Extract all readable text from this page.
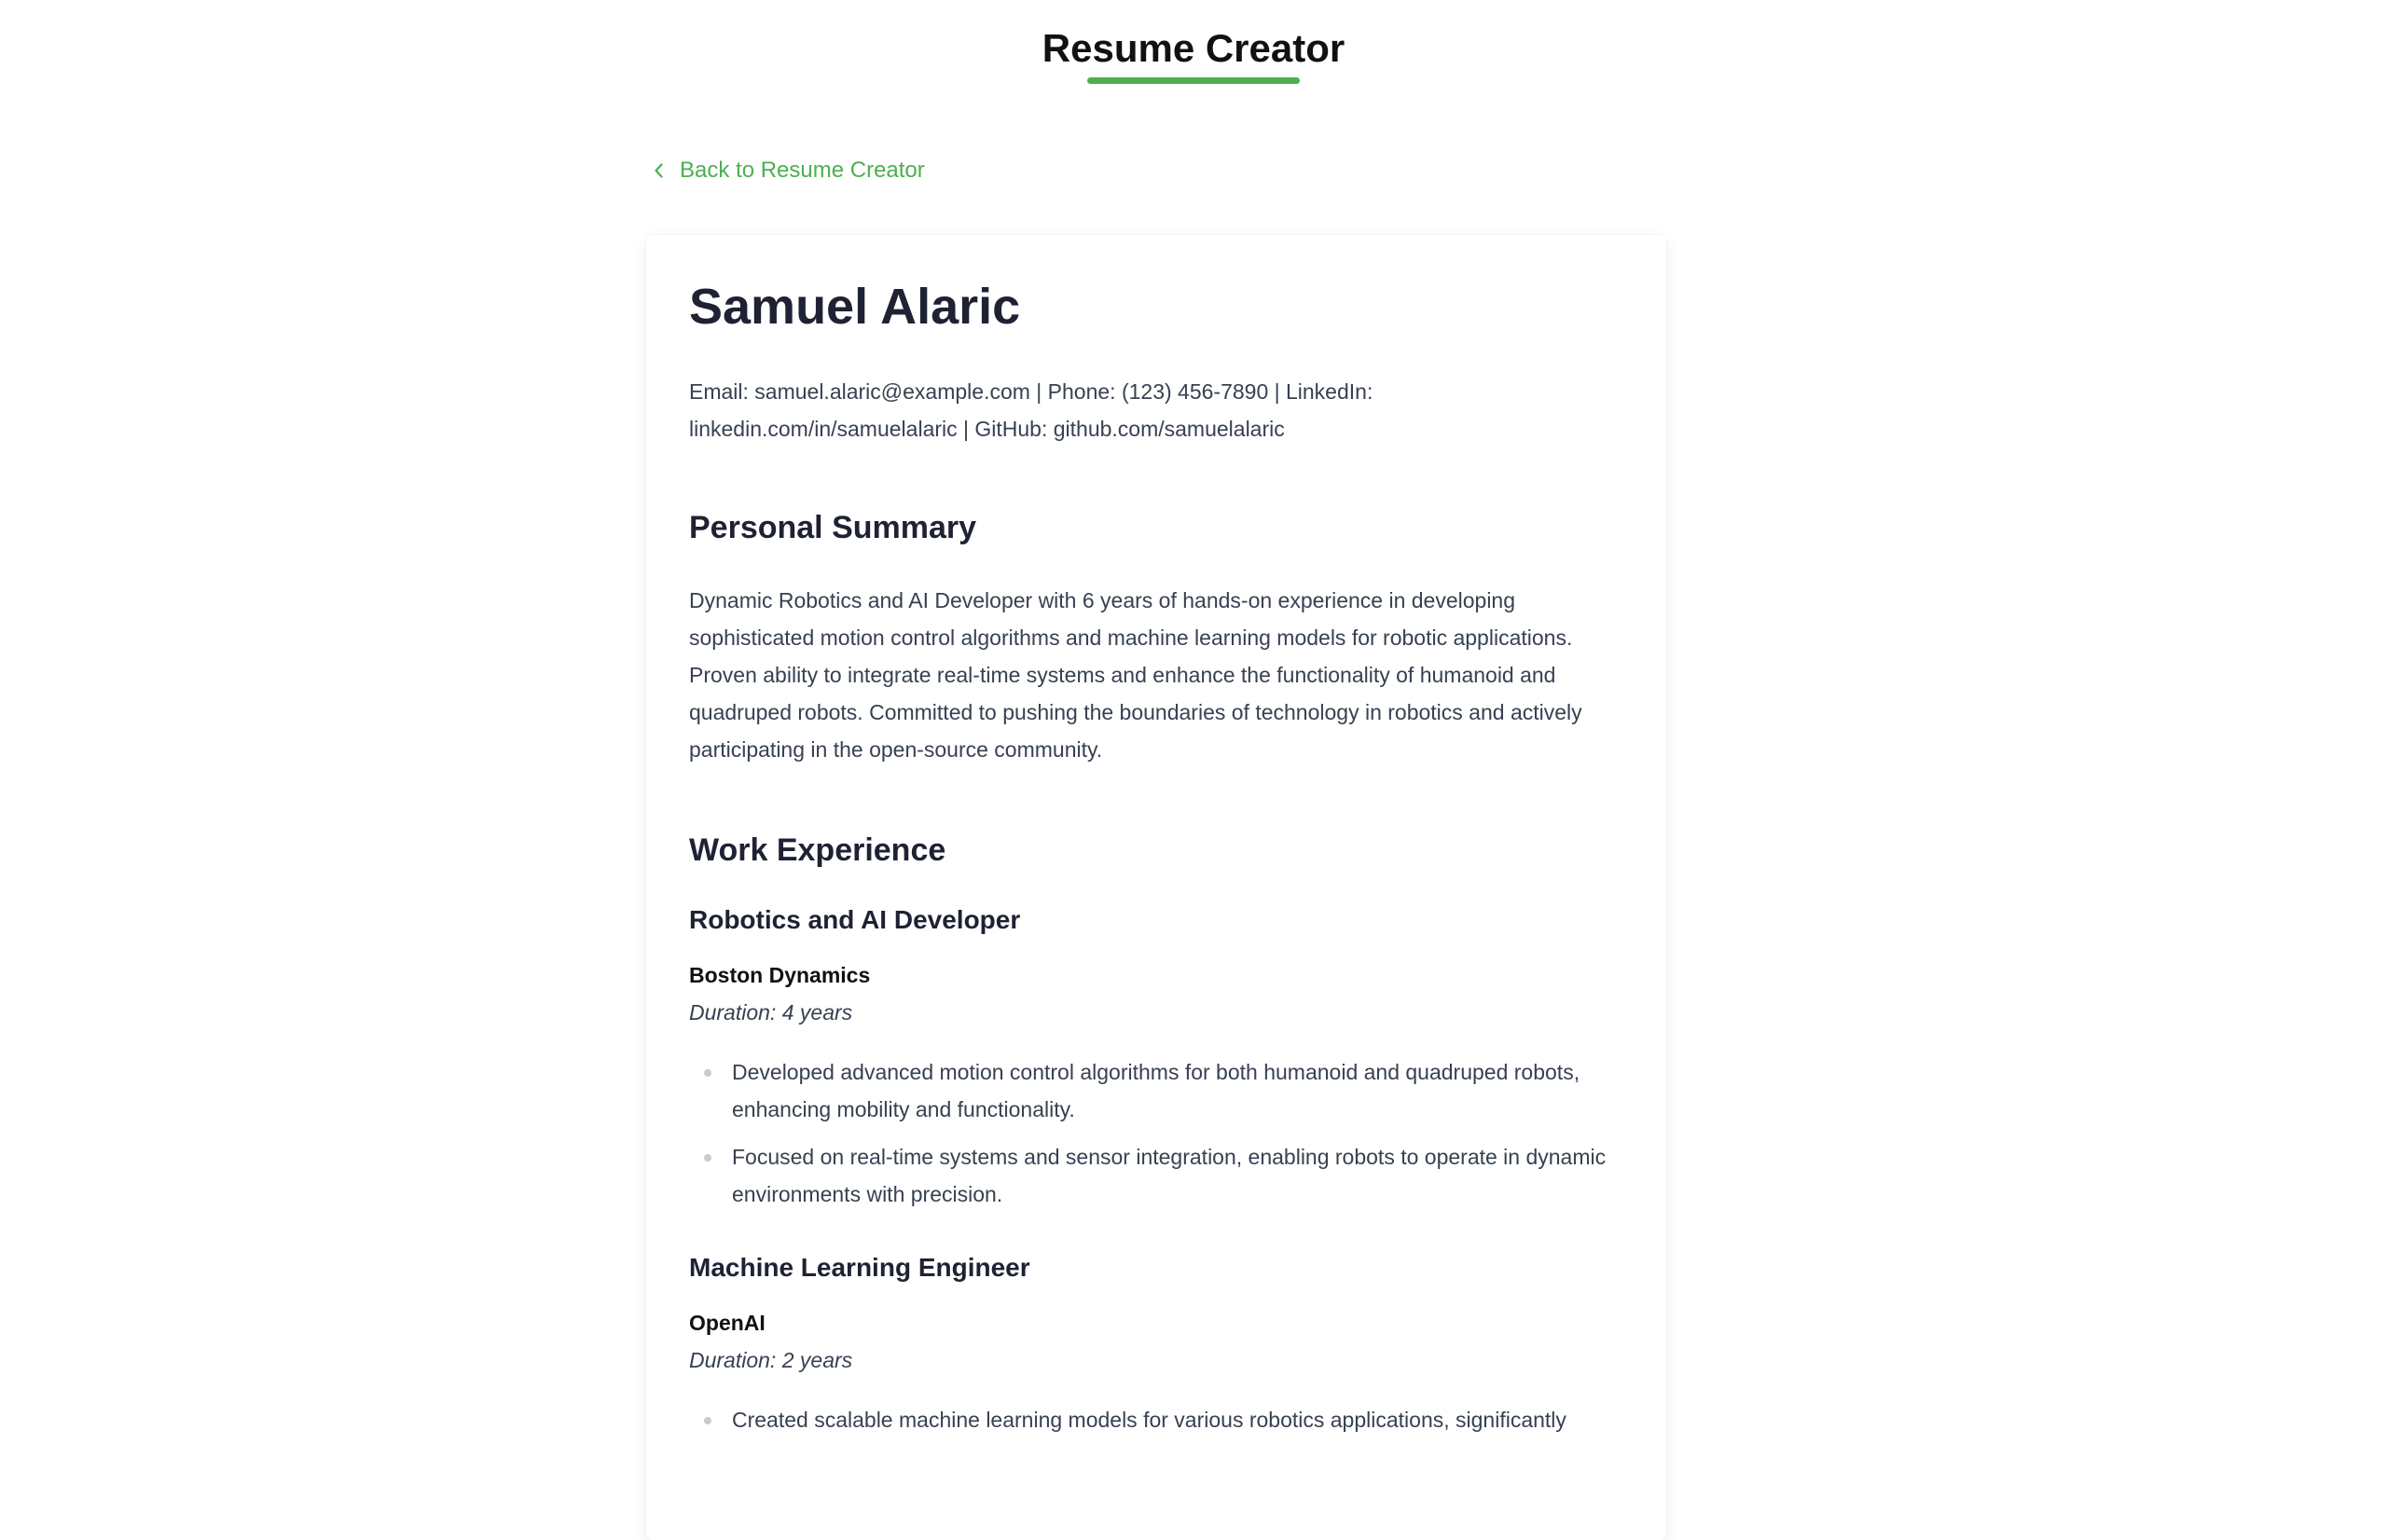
Resume Creator
Back to Resume Creator
Samuel Alaric

Email: samuel.alaric@example.com | Phone: (123) 456-7890 | LinkedIn: linkedin.com/in/samuelalaric | GitHub: github.com/samuelalaric

Personal Summary

Dynamic Robotics and AI Developer with 6 years of hands-on experience in developing sophisticated motion control algorithms and machine learning models for robotic applications. Proven ability to integrate real-time systems and enhance the functionality of humanoid and quadruped robots. Committed to pushing the boundaries of technology in robotics and actively participating in the open-source community.

Work Experience
Robotics and AI Developer

Boston Dynamics

Duration: 4 years

Developed advanced motion control algorithms for both humanoid and quadruped robots, enhancing mobility and functionality.
Focused on real-time systems and sensor integration, enabling robots to operate in dynamic environments with precision.
Machine Learning Engineer

OpenAI

Duration: 2 years

Created scalable machine learning models for various robotics applications, significantly
